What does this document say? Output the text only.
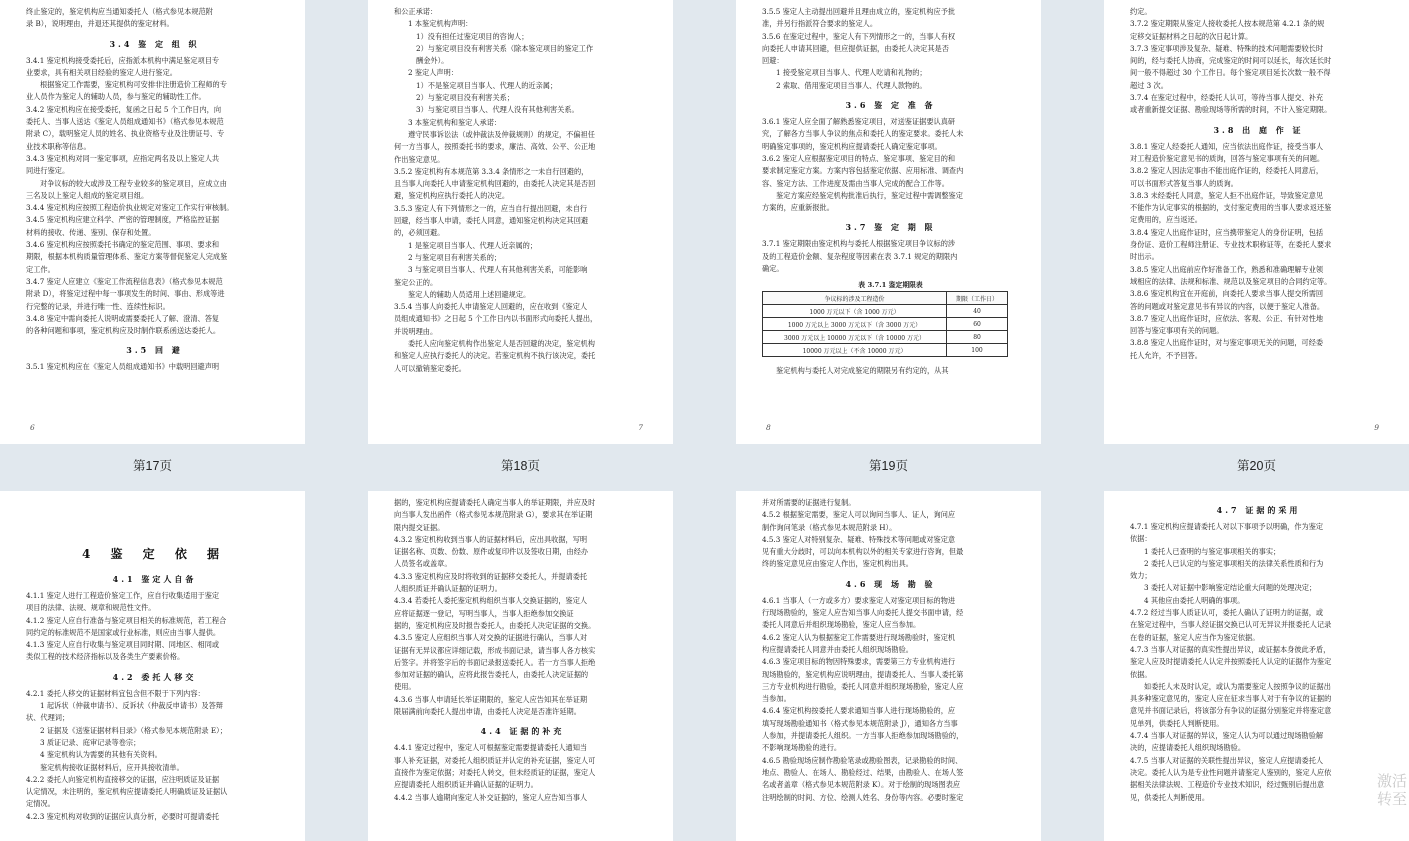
终止鉴定的，鉴定机构应当通知委托人（格式参见本规范附
录 B），说明理由，并退还其提供的鉴定材料。
3.4 鉴 定 组 织
3.4.1 鉴定机构接受委托后，应指派本机构中满足鉴定项目专
业要求，具有相关项目经验的鉴定人进行鉴定。
根据鉴定工作需要，鉴定机构可安排非注册造价工程师的专
业人员作为鉴定人的辅助人员，参与鉴定的辅助性工作。
3.4.2 鉴定机构应在接受委托，复函之日起 5 个工作日内，向
委托人、当事人送达《鉴定人员组成通知书》（格式参见本规范
附录 C），载明鉴定人员的姓名、执业资格专业及注册证号、专
业技术职称等信息。
3.4.3 鉴定机构对同一鉴定事项，应指定两名及以上鉴定人共
同进行鉴定。
对争议标的较大或涉及工程专业较多的鉴定项目，应成立由
三名及以上鉴定人组成的鉴定项目组。
3.4.4 鉴定机构应按照工程造价执业规定对鉴定工作实行审核制。
3.4.5 鉴定机构应建立科学、严密的管理制度，严格监控证据
材料的接收、传递、鉴别、保存和处置。
3.4.6 鉴定机构应按照委托书确定的鉴定范围、事项、要求和
期限，根据本机构质量管理体系、鉴定方案等督促鉴定人完成鉴
定工作。
3.4.7 鉴定人应建立《鉴定工作流程信息表》（格式参见本规范
附录 D），将鉴定过程中每一事项发生的时间、事由、形成等进
行完整的记录，并进行唯一性、连续性标识。
3.4.8 鉴定中需向委托人说明或需要委托人了解、澄清、答复
的各种问题和事项，鉴定机构应及时制作联系函送达委托人。
3.5 回 避
3.5.1 鉴定机构应在《鉴定人员组成通知书》中载明回避声明
6
和公正承诺：
1 本鉴定机构声明：
1）没有担任过鉴定项目的咨询人；
2）与鉴定项目没有利害关系（除本鉴定项目的鉴定工作
酬金外）。
2 鉴定人声明：
1）不是鉴定项目当事人、代理人的近亲属；
2）与鉴定项目没有利害关系；
3）与鉴定项目当事人、代理人没有其他利害关系。
3 本鉴定机构和鉴定人承诺：
遵守民事诉讼法（或仲裁法及仲裁规则）的规定，不偏袒任
何一方当事人，按照委托书的要求，廉洁、高效、公平、公正地
作出鉴定意见。
3.5.2 鉴定机构有本规范第 3.3.4 条情形之一未自行回避的，
且当事人向委托人申请鉴定机构回避的，由委托人决定其是否回
避，鉴定机构应执行委托人的决定。
3.5.3 鉴定人有下列情形之一的，应当自行提出回避，未自行
回避，经当事人申请，委托人同意，通知鉴定机构决定其回避
的，必须回避。
1 是鉴定项目当事人、代理人近亲属的；
2 与鉴定项目有利害关系的；
3 与鉴定项目当事人、代理人有其他利害关系，可能影响
鉴定公正的。
鉴定人的辅助人员适用上述回避规定。
3.5.4 当事人向委托人申请鉴定人回避的，应在收到《鉴定人
员组成通知书》之日起 5 个工作日内以书面形式向委托人提出，
并说明理由。
委托人应向鉴定机构作出鉴定人是否回避的决定，鉴定机构
和鉴定人应执行委托人的决定。若鉴定机构不执行该决定，委托
人可以撤销鉴定委托。
7
3.5.5 鉴定人主动提出回避并且理由成立的，鉴定机构应予批
准，并另行指派符合要求的鉴定人。
3.5.6 在鉴定过程中，鉴定人有下列情形之一的，当事人有权
向委托人申请其回避，但应提供证据，由委托人决定其是否
回避：
1 接受鉴定项目当事人、代理人吃请和礼物的；
2 索取、借用鉴定项目当事人、代理人款物的。
3.6 鉴 定 准 备
3.6.1 鉴定人应全面了解熟悉鉴定项目，对送鉴证据要认真研
究，了解各方当事人争议的焦点和委托人的鉴定要求。委托人未
明确鉴定事项的，鉴定机构应提请委托人确定鉴定事项。
3.6.2 鉴定人应根据鉴定项目的特点、鉴定事项、鉴定目的和
要求制定鉴定方案。方案内容包括鉴定依据、应用标准、调查内
容、鉴定方法、工作进度及需由当事人完成的配合工作等。
鉴定方案应经鉴定机构批准后执行，鉴定过程中需调整鉴定
方案的，应重新报批。
3.7 鉴 定 期 限
3.7.1 鉴定期限由鉴定机构与委托人根据鉴定项目争议标的涉
及的工程造价金额、复杂程度等因素在表 3.7.1 规定的期限内
确定。
表 3.7.1 鉴定期限表
争议标的涉及工程造价	期限（工作日）
1000 万元以下（含 1000 万元）	40
1000 万元以上 3000 万元以下（含 3000 万元）	60
3000 万元以上 10000 万元以下（含 10000 万元）	80
10000 万元以上（不含 10000 万元）	100
鉴定机构与委托人对完成鉴定的期限另有约定的，从其
8
约定。
3.7.2 鉴定期限从鉴定人接收委托人按本规范第 4.2.1 条的规
定移交证据材料之日起的次日起计算。
3.7.3 鉴定事项涉及复杂、疑难、特殊的技术问题需要较长时
间的，经与委托人协商，完成鉴定的时间可以延长，每次延长时
间一般不得超过 30 个工作日。每个鉴定项目延长次数一般不得
超过 3 次。
3.7.4 在鉴定过程中，经委托人认可，等待当事人提交、补充
或者重新提交证据、勘验现场等所需的时间，不计入鉴定期限。
3.8 出 庭 作 证
3.8.1 鉴定人经委托人通知，应当依法出庭作证，接受当事人
对工程造价鉴定意见书的质询，回答与鉴定事项有关的问题。
3.8.2 鉴定人因法定事由不能出庭作证的，经委托人同意后，
可以书面形式答复当事人的质询。
3.8.3 未经委托人同意，鉴定人拒不出庭作证，导致鉴定意见
不能作为认定事实的根据的，支付鉴定费用的当事人要求返还鉴
定费用的，应当返还。
3.8.4 鉴定人出庭作证时，应当携带鉴定人的身份证明，包括
身份证、造价工程师注册证、专业技术职称证等，在委托人要求
时出示。
3.8.5 鉴定人出庭前应作好准备工作，熟悉和准确理解专业领
域相应的法律、法规和标准、规范以及鉴定项目的合同约定等。
3.8.6 鉴定机构宜在开庭前，向委托人要求当事人提交所需回
答的问题或对鉴定意见书有异议的内容，以便于鉴定人准备。
3.8.7 鉴定人出庭作证时，应依法、客观、公正、有针对性地
回答与鉴定事项有关的问题。
3.8.8 鉴定人出庭作证时，对与鉴定事项无关的问题，可经委
托人允许，不予回答。
9
第17页	第18页	第19页	第20页
4 鉴 定 依 据
4.1 鉴定人自备
4.1.1 鉴定人进行工程造价鉴定工作，应自行收集适用于鉴定
项目的法律、法规、规章和规范性文件。
4.1.2 鉴定人应自行准备与鉴定项目相关的标准规范，若工程合
同约定的标准规范不是国家或行业标准，则应由当事人提供。
4.1.3 鉴定人应自行收集与鉴定项目同时期、同地区、相同或
类似工程的技术经济指标以及各类生产要素价格。
4.2 委托人移交
4.2.1 委托人移交的证据材料宜包含但不限于下列内容：
1 起诉状（仲裁申请书）、反诉状（仲裁反申请书）及答辩
状、代理词；
2 证据及《送鉴证据材料目录》（格式参见本规范附录 E）；
3 质证记录、庭审记录等卷宗；
4 鉴定机构认为需要的其他有关资料。
鉴定机构接收证据材料后，应开具接收清单。
4.2.2 委托人向鉴定机构直接移交的证据，应注明质证及证据
认定情况，未注明的，鉴定机构应提请委托人明确质证及证据认
定情况。
4.2.3 鉴定机构对收到的证据应认真分析，必要时可提请委托
据的，鉴定机构应提请委托人确定当事人的举证期限，并应及时
向当事人发出函件（格式参见本规范附录 G），要求其在举证期
限内提交证据。
4.3.2 鉴定机构收到当事人的证据材料后，应出具收据，写明
证据名称、页数、份数、原件或复印件以及签收日期，由经办
人员签名或盖章。
4.3.3 鉴定机构应及时将收到的证据移交委托人，并提请委托
人组织质证并确认证据的证明力。
4.3.4 若委托人委托鉴定机构组织当事人交换证据的，鉴定人
应将证据逐一登记，写明当事人，当事人拒绝参加交换证
据的，鉴定机构应及时报告委托人，由委托人决定证据的交换。
4.3.5 鉴定人应组织当事人对交换的证据进行确认，当事人对
证据有无异议都应详细记载，形成书面记录，请当事人各方核实
后签字。并将签字后的书面记录报送委托人。若一方当事人拒绝
参加对证据的确认，应将此报告委托人，由委托人决定证据的
使用。
4.3.6 当事人申请延长举证期限的，鉴定人应告知其在举证期
限届满前向委托人提出申请，由委托人决定是否准许延期。
4.4 证据的补充
4.4.1 鉴定过程中，鉴定人可根据鉴定需要提请委托人通知当
事人补充证据，对委托人组织质证并认定的补充证据，鉴定人可
直接作为鉴定依据；对委托人转交，但未经质证的证据，鉴定人
应提请委托人组织质证并确认证据的证明力。
4.4.2 当事人逾期向鉴定人补交证据的，鉴定人应告知当事人
并对所需要的证据进行复制。
4.5.2 根据鉴定需要，鉴定人可以询问当事人、证人，询问应
制作询问笔录（格式参见本规范附录 H）。
4.5.3 鉴定人对特别复杂、疑难、特殊技术等问题或对鉴定意
见有重大分歧时，可以向本机构以外的相关专家进行咨询，但最
终的鉴定意见应由鉴定人作出，鉴定机构出具。
4.6 现 场 勘 验
4.6.1 当事人（一方或多方）要求鉴定人对鉴定项目标的物进
行现场勘验的，鉴定人应告知当事人向委托人提交书面申请，经
委托人同意后并组织现场勘验，鉴定人应当参加。
4.6.2 鉴定人认为根据鉴定工作需要进行现场勘验时，鉴定机
构应提请委托人同意并由委托人组织现场勘验。
4.6.3 鉴定项目标的物因特殊要求，需要第三方专业机构进行
现场勘验的，鉴定机构应说明理由，提请委托人、当事人委托第
三方专业机构进行勘验，委托人同意并组织现场勘验，鉴定人应
当参加。
4.6.4 鉴定机构按委托人要求通知当事人进行现场勘验的，应
填写现场勘验通知书（格式参见本规范附录 J），通知各方当事
人参加，并提请委托人组织。一方当事人拒绝参加现场勘验的，
不影响现场勘验的进行。
4.6.5 勘验现场应制作勘验笔录或勘验图表，记录勘验的时间、
地点、勘验人、在场人、勘验经过、结果，由勘验人、在场人签
名或者盖章（格式参见本规范附录 K）。对于绘制的现场图表应
注明绘制的时间、方位、绘测人姓名、身份等内容。必要时鉴定
4.7 证据的采用
4.7.1 鉴定机构应提请委托人对以下事项予以明确，作为鉴定
依据：
1 委托人已查明的与鉴定事项相关的事实；
2 委托人已认定的与鉴定事项相关的法律关系性质和行为
效力；
3 委托人对证据中影响鉴定结论重大问题的处理决定；
4 其他应由委托人明确的事项。
4.7.2 经过当事人质证认可，委托人确认了证明力的证据，或
在鉴定过程中，当事人经证据交换已认可无异议并报委托人记录
在卷的证据，鉴定人应当作为鉴定依据。
4.7.3 当事人对证据的真实性提出异议，或证据本身彼此矛盾，
鉴定人应及时提请委托人认定并按照委托人认定的证据作为鉴定
依据。
如委托人未及时认定，或认为需要鉴定人按照争议的证据出
具多种鉴定意见的，鉴定人应在征求当事人对于有争议的证据的
意见并书面记录后，将该部分有争议的证据分别鉴定并将鉴定意
见单列，供委托人判断使用。
4.7.4 当事人对证据的异议，鉴定人认为可以通过现场勘验解
决的，应提请委托人组织现场勘验。
4.7.5 当事人对证据的关联性提出异议，鉴定人应提请委托人
决定。委托人认为是专业性问题并请鉴定人鉴别的，鉴定人应依
据相关法律法规、工程造价专业技术知识，经过甄别后提出意
见，供委托人判断使用。
激活
转至
